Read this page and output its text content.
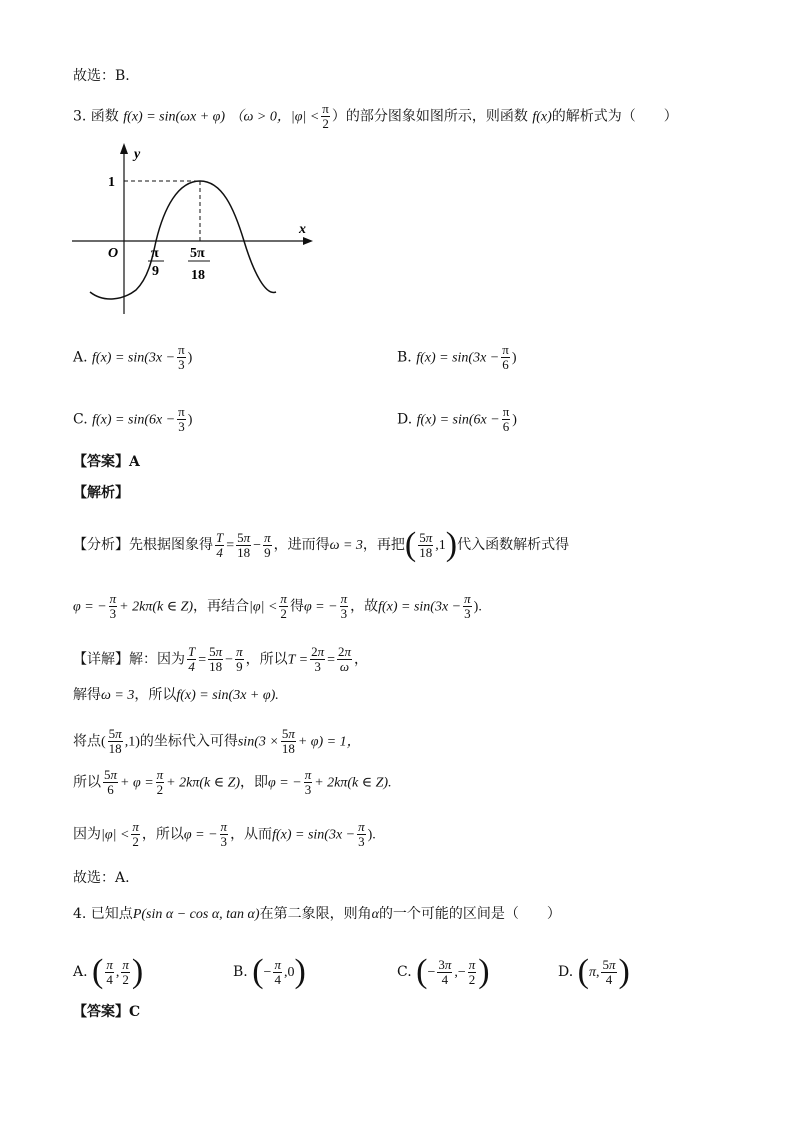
故选：B.
3. 函数 f(x) = sin(ωx + φ) （ω > 0，$|\varphi| < \frac{\pi}{2}$ ）的部分图象如图所示，则函数 f(x)的解析式为（　　）
y
x
O
1
π
9
5π
18
A. $f(x) = \sin(3x - \frac{\pi}{3}$ )	B. $f(x) = \sin(3x - \frac{\pi}{6}$ )
C. $f(x) = \sin(6x - \frac{\pi}{3}$ )	D. $f(x) = \sin(6x - \frac{\pi}{6}$ )
【答案】A
【解析】
【分析】先根据图象得 $\frac{T}{4} = \frac{5\pi}{18} - \frac{\pi}{9}$ ，进而得ω = 3，再把( $\frac{5\pi}{18} ,1$)代入函数解析式得
φ = − $\frac{\pi}{3} + 2k\pi(k$ ∈ Z)，再结合$|\varphi| < \frac{\pi}{2}$ 得φ = − $\frac{\pi}{3}$ ，故$f(x) = \sin(3x - \frac{\pi}{3}$ ).
【详解】解：因为 $\frac{T}{4} = \frac{5\pi}{18} - \frac{\pi}{9}$ ，所以$T = \frac{2\pi}{3} = \frac{2\pi}{\omega}$ ，
解得ω = 3，所以f(x) = sin(3x + φ).
将点( $\frac{5\pi}{18} ,1$)的坐标代入可得$\sin(3 \times \frac{5\pi}{18} + \varphi) = 1$，
所以 $\frac{5\pi}{6} + \varphi = \frac{\pi}{2} + 2k\pi(k$ ∈ Z)，即φ = − $\frac{\pi}{3} + 2k\pi(k$ ∈ Z).
因为$|\varphi| < \frac{\pi}{2}$ ，所以φ = − $\frac{\pi}{3}$ ，从而$f(x) = \sin(3x - \frac{\pi}{3}$ ).
故选：A.
4. 已知点P(sin α − cos α, tan α)在第二象限，则角α的一个可能的区间是（　　）
A. ( $\frac{\pi}{4}$ , $\frac{\pi}{2}$ )	B. (− $\frac{\pi}{4} ,0$)	C. (− $\frac{3\pi}{4}$ ,− $\frac{\pi}{2}$ )	D. (π, $\frac{5\pi}{4}$ )
【答案】C
